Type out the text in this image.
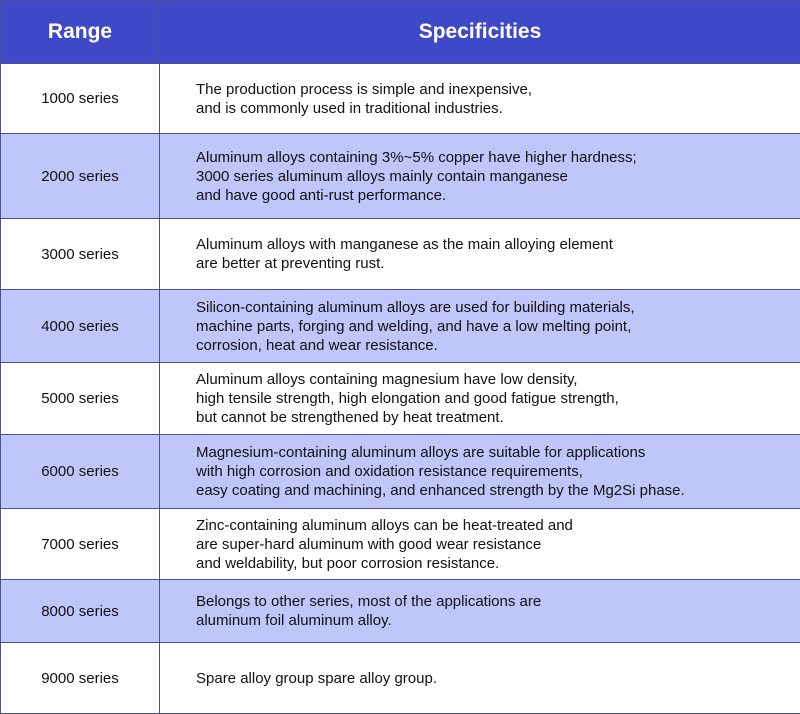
Range	Specificities
1000 series	The production process is simple and inexpensive,
and is commonly used in traditional industries.
2000 series	Aluminum alloys containing 3%~5% copper have higher hardness;
3000 series aluminum alloys mainly contain manganese
and have good anti-rust performance.
3000 series	Aluminum alloys with manganese as the main alloying element
are better at preventing rust.
4000 series	Silicon-containing aluminum alloys are used for building materials,
machine parts, forging and welding, and have a low melting point,
corrosion, heat and wear resistance.
5000 series	Aluminum alloys containing magnesium have low density,
high tensile strength, high elongation and good fatigue strength,
but cannot be strengthened by heat treatment.
6000 series	Magnesium-containing aluminum alloys are suitable for applications
with high corrosion and oxidation resistance requirements,
easy coating and machining, and enhanced strength by the Mg2Si phase.
7000 series	Zinc-containing aluminum alloys can be heat-treated and
are super-hard aluminum with good wear resistance
and weldability, but poor corrosion resistance.
8000 series	Belongs to other series, most of the applications are
aluminum foil aluminum alloy.
9000 series	Spare alloy group spare alloy group.
